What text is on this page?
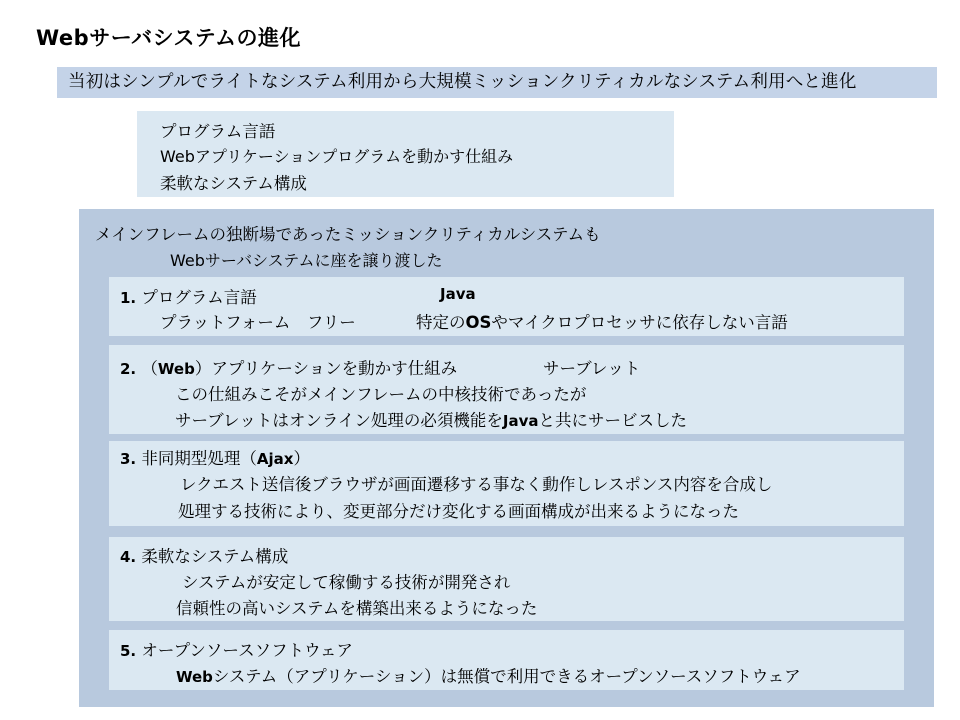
Webサーバシステムの進化
当初はシンプルでライトなシステム利用から大規模ミッションクリティカルなシステム利用へと進化
プログラム言語
Webアプリケーションプログラムを動かす仕組み
柔軟なシステム構成
メインフレームの独断場であったミッションクリティカルシステムも
Webサーバシステムに座を譲り渡した
1. プログラム言語	Java
プラットフォーム　フリー	特定のOSやマイクロプロセッサに依存しない言語
2. （Web）アプリケーションを動かす仕組み	サーブレット
この仕組みこそがメインフレームの中核技術であったが
サーブレットはオンライン処理の必須機能をJavaと共にサービスした
3. 非同期型処理（Ajax）
レクエスト送信後ブラウザが画面遷移する事なく動作しレスポンス内容を合成し
処理する技術により、変更部分だけ変化する画面構成が出来るようになった
4. 柔軟なシステム構成
システムが安定して稼働する技術が開発され
信頼性の高いシステムを構築出来るようになった
5. オープンソースソフトウェア
Webシステム（アプリケーション）は無償で利用できるオープンソースソフトウェア
